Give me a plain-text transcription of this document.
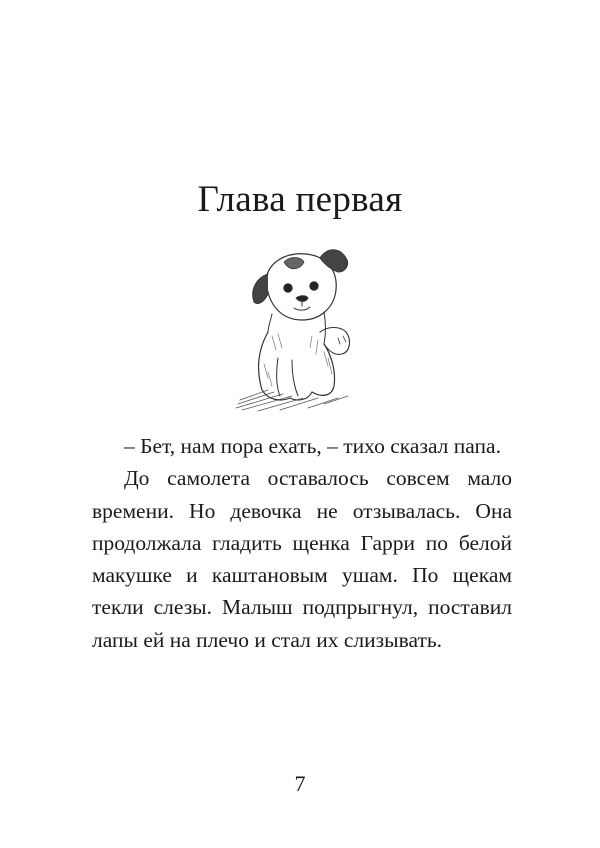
Глава первая

– Бет, нам пора ехать, – тихо сказал папа.

До самолета оставалось совсем мало времени. Но девочка не отзывалась. Она продолжала гладить щенка Гарри по белой макушке и каштановым ушам. По щекам текли слезы. Малыш подпрыгнул, поставил лапы ей на плечо и стал их слизывать.

7
